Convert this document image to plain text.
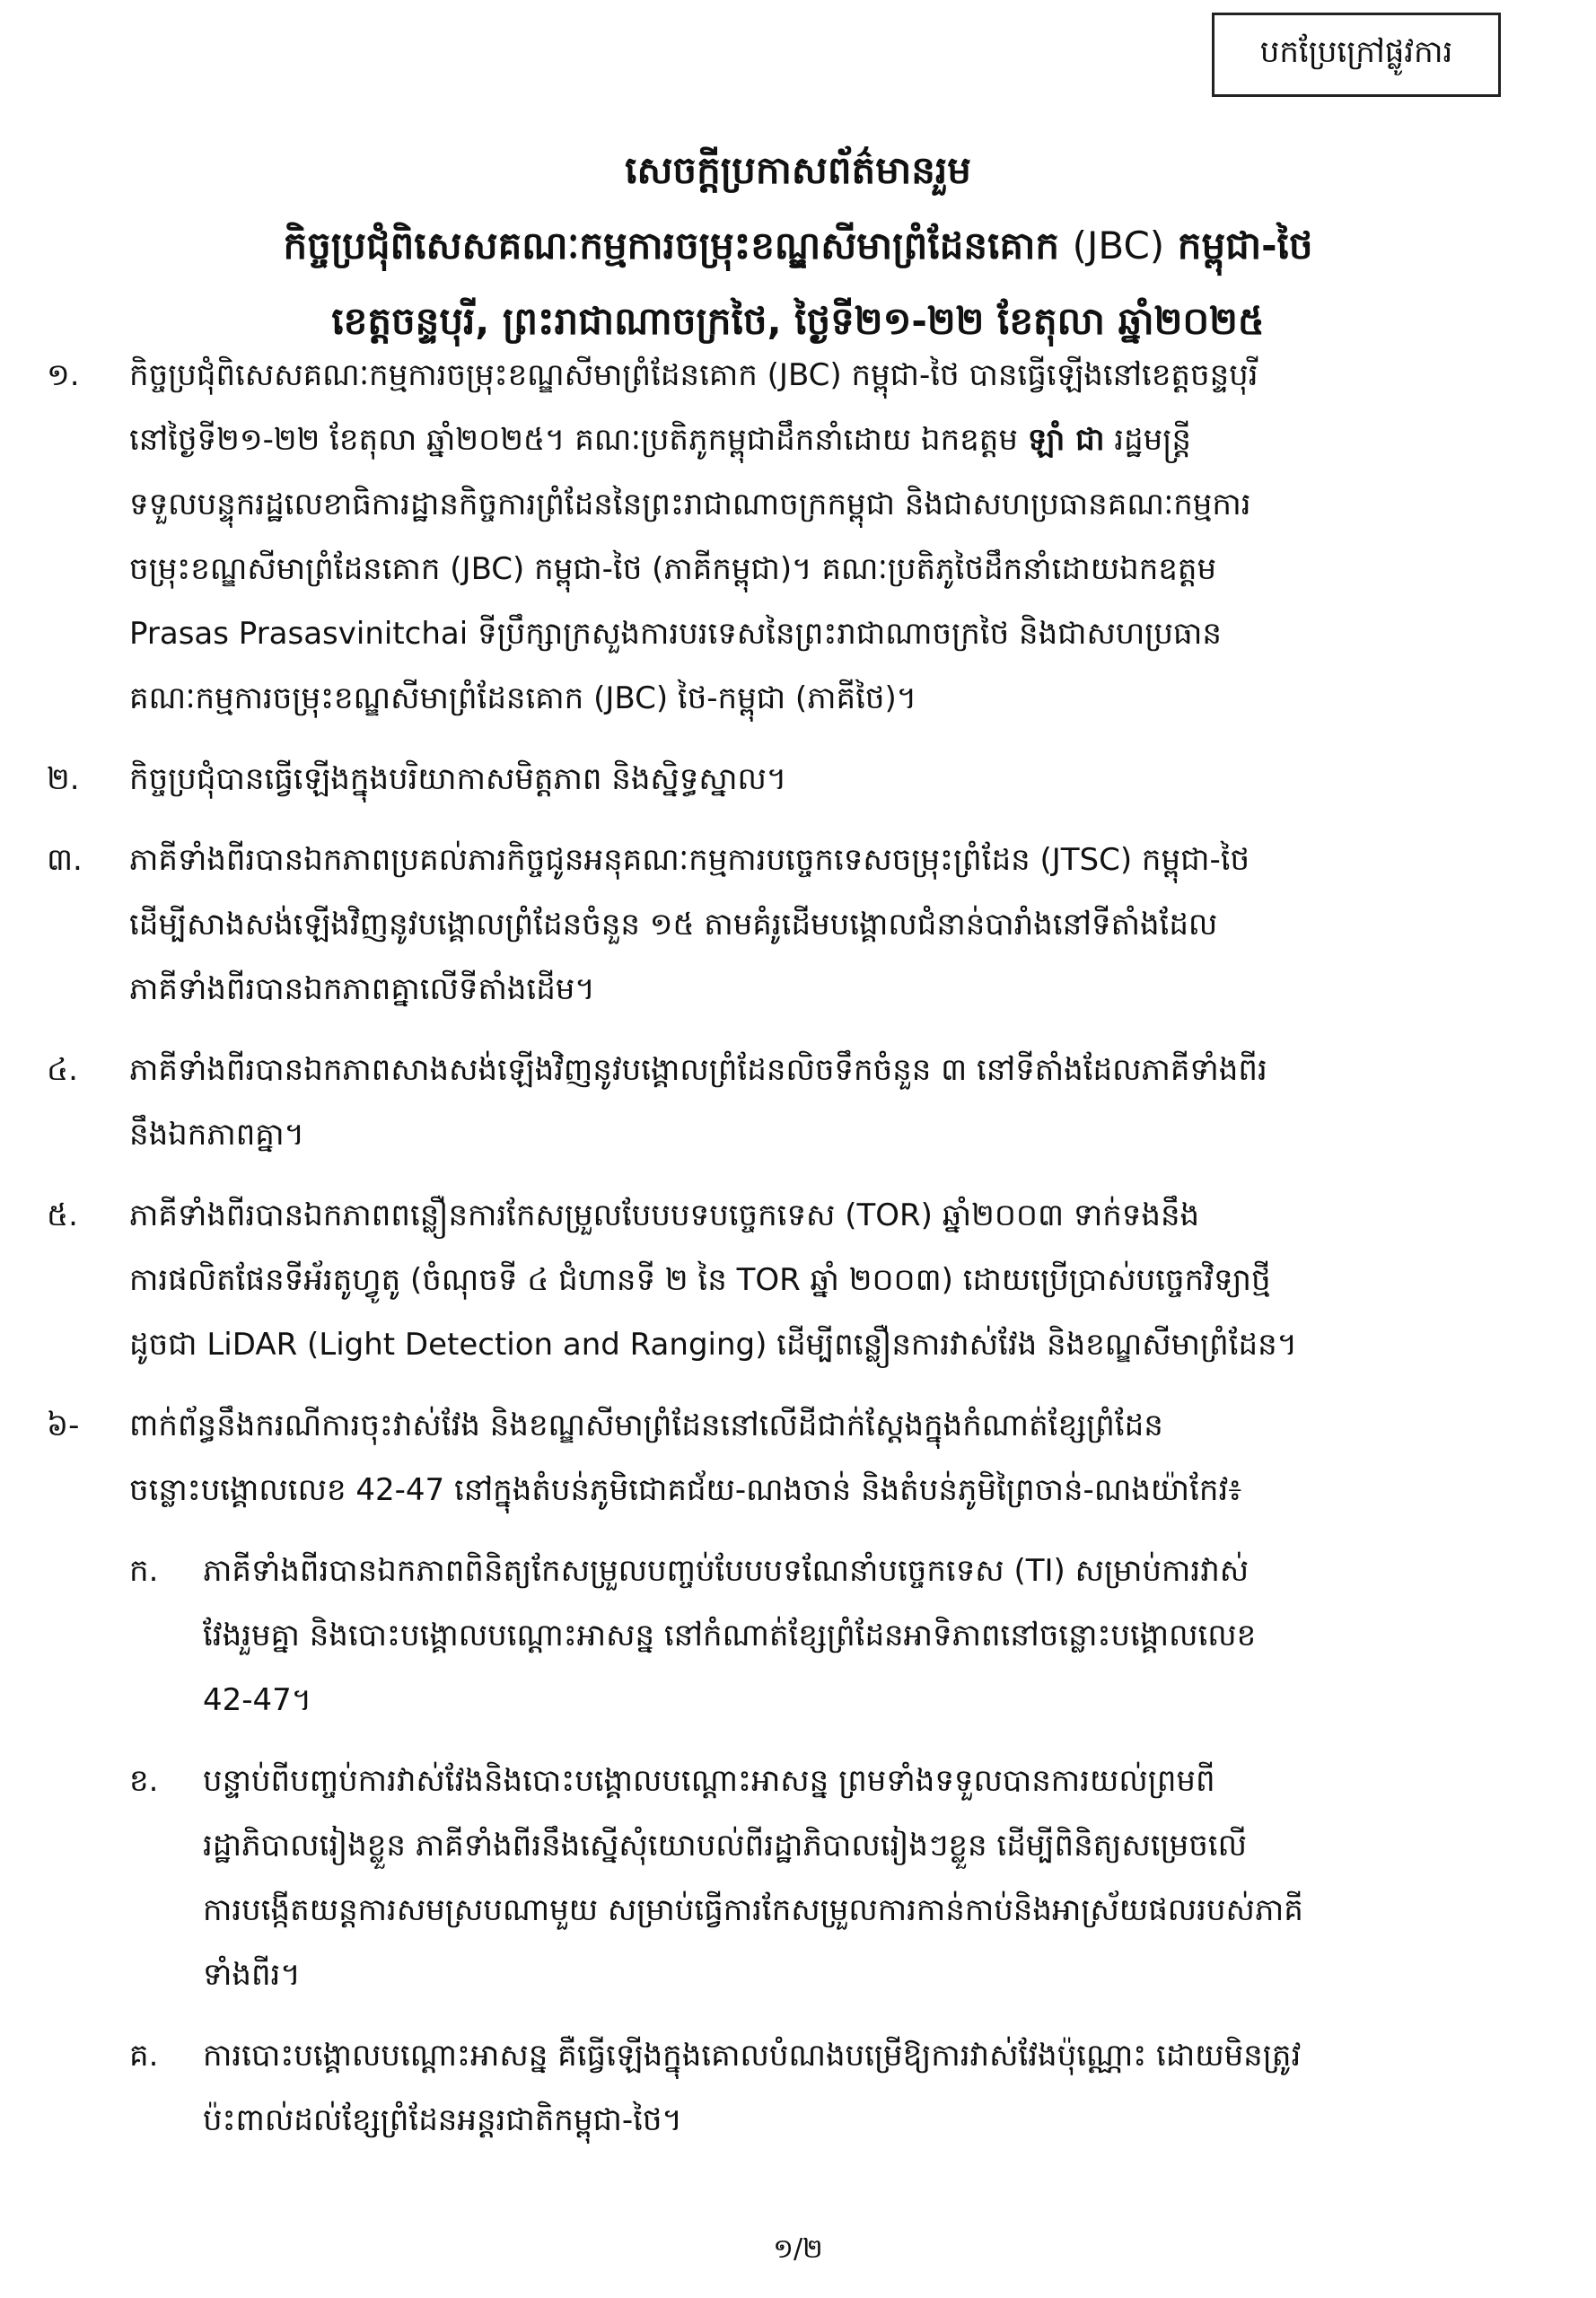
បកប្រែក្រៅផ្លូវការ
សេចក្តីប្រកាសព័ត៌មានរួម
កិច្ចប្រជុំពិសេសគណៈកម្មការចម្រុះខណ្ឌសីមាព្រំដែនគោក (JBC) កម្ពុជា-ថៃ
ខេត្តចន្ទបុរី, ព្រះរាជាណាចក្រថៃ, ថ្ងៃទី២១-២២ ខែតុលា ឆ្នាំ២០២៥
១.	កិច្ចប្រជុំពិសេសគណៈកម្មការចម្រុះខណ្ឌសីមាព្រំដែនគោក (JBC) កម្ពុជា-ថៃ បានធ្វើឡើងនៅខេត្តចន្ទបុរី
នៅថ្ងៃទី២១-២២ ខែតុលា ឆ្នាំ២០២៥។ គណៈប្រតិភូកម្ពុជាដឹកនាំដោយ ឯកឧត្តម ឡាំ ជា រដ្ឋមន្ត្រី
ទទួលបន្ទុករដ្ឋលេខាធិការដ្ឋានកិច្ចការព្រំដែននៃព្រះរាជាណាចក្រកម្ពុជា និងជាសហប្រធានគណៈកម្មការ
ចម្រុះខណ្ឌសីមាព្រំដែនគោក (JBC) កម្ពុជា-ថៃ (ភាគីកម្ពុជា)។ គណៈប្រតិភូថៃដឹកនាំដោយឯកឧត្តម
Prasas Prasasvinitchai ទីប្រឹក្សាក្រសួងការបរទេសនៃព្រះរាជាណាចក្រថៃ និងជាសហប្រធាន
គណៈកម្មការចម្រុះខណ្ឌសីមាព្រំដែនគោក (JBC) ថៃ-កម្ពុជា (ភាគីថៃ)។
២.	កិច្ចប្រជុំបានធ្វើឡើងក្នុងបរិយាកាសមិត្តភាព និងស្និទ្ធស្នាល។
៣.	ភាគីទាំងពីរបានឯកភាពប្រគល់ភារកិច្ចជូនអនុគណៈកម្មការបច្ចេកទេសចម្រុះព្រំដែន (JTSC) កម្ពុជា-ថៃ
ដើម្បីសាងសង់ឡើងវិញនូវបង្គោលព្រំដែនចំនួន ១៥ តាមគំរូដើមបង្គោលជំនាន់បារាំងនៅទីតាំងដែល
ភាគីទាំងពីរបានឯកភាពគ្នាលើទីតាំងដើម។
៤.	ភាគីទាំងពីរបានឯកភាពសាងសង់ឡើងវិញនូវបង្គោលព្រំដែនលិចទឹកចំនួន ៣ នៅទីតាំងដែលភាគីទាំងពីរ
នឹងឯកភាពគ្នា។
៥.	ភាគីទាំងពីរបានឯកភាពពន្លឿនការកែសម្រួលបែបបទបច្ចេកទេស (TOR) ឆ្នាំ២០០៣ ទាក់ទងនឹង
ការផលិតផែនទីអ័រតូហ្វូតូ (ចំណុចទី ៤ ជំហានទី ២ នៃ TOR ឆ្នាំ ២០០៣) ដោយប្រើប្រាស់បច្ចេកវិទ្យាថ្មី
ដូចជា LiDAR (Light Detection and Ranging) ដើម្បីពន្លឿនការវាស់វែង និងខណ្ឌសីមាព្រំដែន។
៦-	ពាក់ព័ន្ធនឹងករណីការចុះវាស់វែង និងខណ្ឌសីមាព្រំដែននៅលើដីជាក់ស្តែងក្នុងកំណាត់ខ្សែព្រំដែន
ចន្លោះបង្គោលលេខ 42-47 នៅក្នុងតំបន់ភូមិជោគជ័យ-ណងចាន់ និងតំបន់ភូមិព្រៃចាន់-ណងយ៉ាកែវ៖
ក.	ភាគីទាំងពីរបានឯកភាពពិនិត្យកែសម្រួលបញ្ចប់បែបបទណែនាំបច្ចេកទេស (TI) សម្រាប់ការវាស់
វែងរួមគ្នា និងបោះបង្គោលបណ្តោះអាសន្ន នៅកំណាត់ខ្សែព្រំដែនអាទិភាពនៅចន្លោះបង្គោលលេខ
42-47។
ខ.	បន្ទាប់ពីបញ្ចប់ការវាស់វែងនិងបោះបង្គោលបណ្តោះអាសន្ន ព្រមទាំងទទួលបានការយល់ព្រមពី
រដ្ឋាភិបាលរៀងខ្លួន ភាគីទាំងពីរនឹងស្នើសុំយោបល់ពីរដ្ឋាភិបាលរៀងៗខ្លួន ដើម្បីពិនិត្យសម្រេចលើ
ការបង្កើតយន្តការសមស្របណាមួយ សម្រាប់ធ្វើការកែសម្រួលការកាន់កាប់និងអាស្រ័យផលរបស់ភាគី
ទាំងពីរ។
គ.	ការបោះបង្គោលបណ្តោះអាសន្ន គឺធ្វើឡើងក្នុងគោលបំណងបម្រើឱ្យការវាស់វែងប៉ុណ្ណោះ ដោយមិនត្រូវ
ប៉ះពាល់ដល់ខ្សែព្រំដែនអន្តរជាតិកម្ពុជា-ថៃ។
១/២
